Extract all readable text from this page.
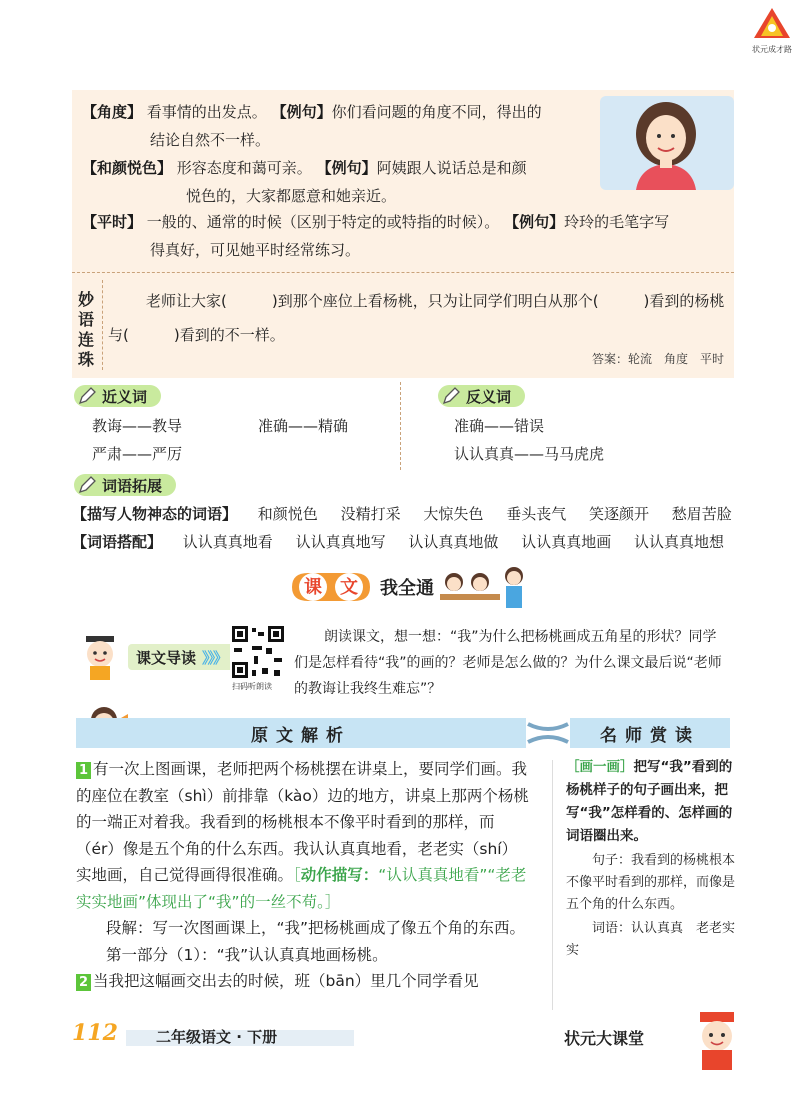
状元成才路
【角度】 看事情的出发点。 【例句】你们看问题的角度不同，得出的
结论自然不一样。
【和颜悦色】 形容态度和蔼可亲。 【例句】阿姨跟人说话总是和颜
悦色的，大家都愿意和她亲近。
【平时】 一般的、通常的时候（区别于特定的或特指的时候）。 【例句】玲玲的毛笔字写
得真好，可见她平时经常练习。
妙
语
连
珠
老师让大家(　　　)到那个座位上看杨桃，只为让同学们明白从那个(　　　)看到的杨桃与(　　　)看到的不一样。
答案：轮流　角度　平时
近义词
教诲——教导	准确——精确
严肃——严厉
反义词
准确——错误
认认真真——马马虎虎
词语拓展
【描写人物神态的词语】 和颜悦色 没精打采 大惊失色 垂头丧气 笑逐颜开 愁眉苦脸
【词语搭配】 认认真真地看 认认真真地写 认认真真地做 认认真真地画 认认真真地想
课 文 我全通
课文导读 》》》
扫码听朗读
朗读课文，想一想：“我”为什么把杨桃画成五角星的形状？同学们是怎样看待“我”的画的？老师是怎么做的？为什么课文最后说“老师的教诲让我终生难忘”？
原文解析	名师赏读

1 有一次上图画课，老师把两个杨桃摆在讲桌上，要同学们画。我的座位在教室（shì）前排靠（kào）边的地方，讲桌上那两个杨桃的一端正对着我。我看到的杨桃根本不像平时看到的那样，而（ér）像是五个角的什么东西。我认认真真地看，老老实（shí）实地画，自己觉得画得很准确。［动作描写：“认认真真地看”“老老实实地画”体现出了“我”的一丝不苟。］

段解：写一次图画课上，“我”把杨桃画成了像五个角的东西。

第一部分（1）：“我”认认真真地画杨桃。

2 当我把这幅画交出去的时候，班（bān）里几个同学看见

［画一画］把写“我”看到的杨桃样子的句子画出来，把写“我”怎样看的、怎样画的词语圈出来。
句子：我看到的杨桃根本不像平时看到的那样，而像是五个角的什么东西。
词语：认认真真　老老实实
112	二年级语文 · 下册	状元大课堂
